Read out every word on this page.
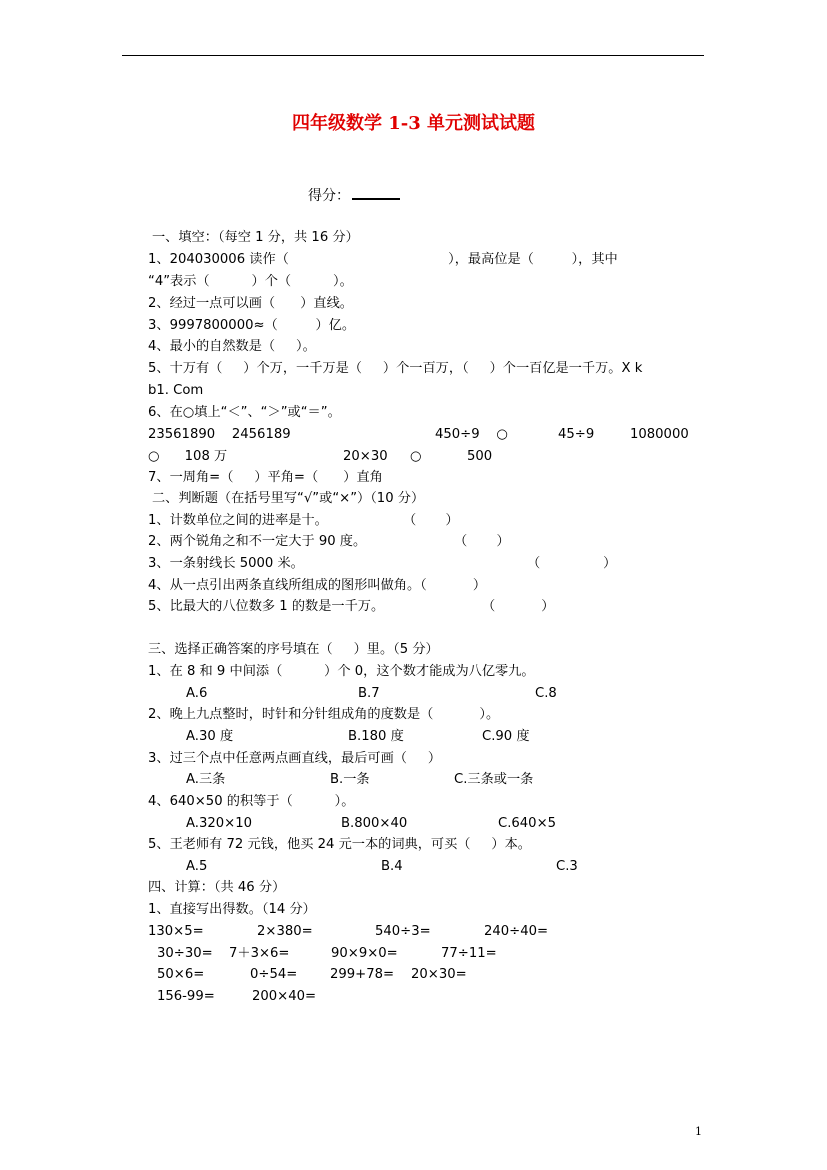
四年级数学 1-3 单元测试试题
得分：
一、填空：（每空 1 分，共 16 分）
1、204030006 读作（                                      ），最高位是（         ），其中
“4”表示（          ）个（          ）。
2、经过一点可以画（      ）直线。
3、9997800000≈（         ）亿。
4、最小的自然数是（     ）。
5、十万有（     ）个万，一千万是（     ）个一百万，（     ）个一百亿是一千万。X k
b1. Com
6、在○填上“＜”、“＞”或“＝”。
23561890    2456189	450÷9    ○	45÷9	1080000
○      108 万	20×30 ○	500
7、一周角=（     ）平角=（      ）直角
二、判断题（在括号里写“√”或“×”）（10 分）
1、计数单位之间的进率是十。	（       ）
2、两个锐角之和不一定大于 90 度。	（       ）
3、一条射线长 5000 米。	（               ）
4、从一点引出两条直线所组成的图形叫做角。（           ）
5、比最大的八位数多 1 的数是一千万。	（           ）
三、选择正确答案的序号填在（     ）里。（5 分）
1、在 8 和 9 中间添（          ）个 0，这个数才能成为八亿零九。
A.6	B.7	C.8
2、晚上九点整时，时针和分针组成角的度数是（           ）。
A.30 度	B.180 度	C.90 度
3、过三个点中任意两点画直线，最后可画（     ）
A.三条	B.一条	C.三条或一条
4、640×50 的积等于（          ）。
A.320×10	B.800×40	C.640×5
5、王老师有 72 元钱，他买 24 元一本的词典，可买（     ）本。
A.5	B.4	C.3
四、计算：（共 46 分）
1、直接写出得数。（14 分）
130×5=	2×380=	540÷3=	240÷40=
30÷30= 7＋3×6=	90×9×0=	77÷11=
50×6=	0÷54= 299+78= 20×30=
156-99=	200×40=
1
